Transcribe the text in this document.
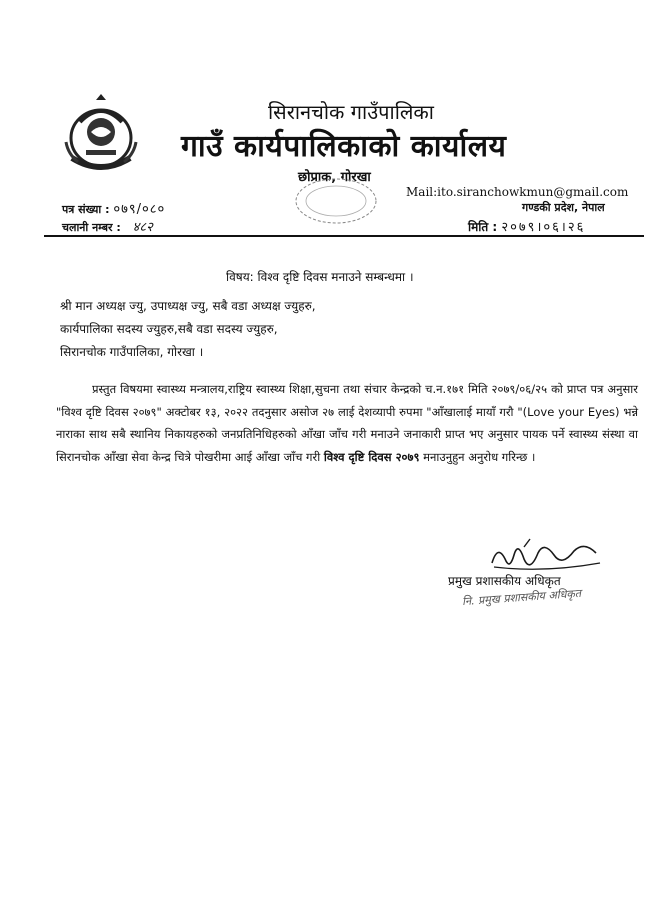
सिरानचोक गाउँपालिका
गाउँ कार्यपालिकाको कार्यालय
छोप्राक, गोरखा
Mail:ito.siranchowkmun@gmail.com
गण्डकी प्रदेश, नेपाल
पत्र संख्या : ०७९/०८०
चलानी नम्बर : ४८२	मिति : २०७९।०६।२६
विषय: विश्व दृष्टि दिवस मनाउने सम्बन्धमा ।
श्री मान अध्यक्ष ज्यु, उपाध्यक्ष ज्यु, सबै वडा अध्यक्ष ज्युहरु,
कार्यपालिका सदस्य ज्युहरु,सबै वडा सदस्य ज्युहरु,
सिरानचोक गाउँपालिका, गोरखा ।
प्रस्तुत विषयमा स्वास्थ्य मन्त्रालय,राष्ट्रिय स्वास्थ्य शिक्षा,सुचना तथा संचार केन्द्रको च.न.१७१ मिति २०७९/०६/२५ को प्राप्त पत्र अनुसार "विश्व दृष्टि दिवस २०७९" अक्टोबर १३, २०२२ तदनुसार असोज २७ लाई देशव्यापी रुपमा "आँखालाई मायाँ गरौ "(Love your Eyes) भन्ने नाराका साथ सबै स्थानिय निकायहरुको जनप्रतिनिधिहरुको आँखा जाँच गरी मनाउने जनाकारी प्राप्त भए अनुसार पायक पर्ने स्वास्थ्य संस्था वा सिरानचोक आँखा सेवा केन्द्र चित्रे पोखरीमा आई आँखा जाँच गरी विश्व दृष्टि दिवस २०७९ मनाउनुहुन अनुरोध गरिन्छ ।
प्रमुख प्रशासकीय अधिकृत
नि. प्रमुख प्रशासकीय अधिकृत
